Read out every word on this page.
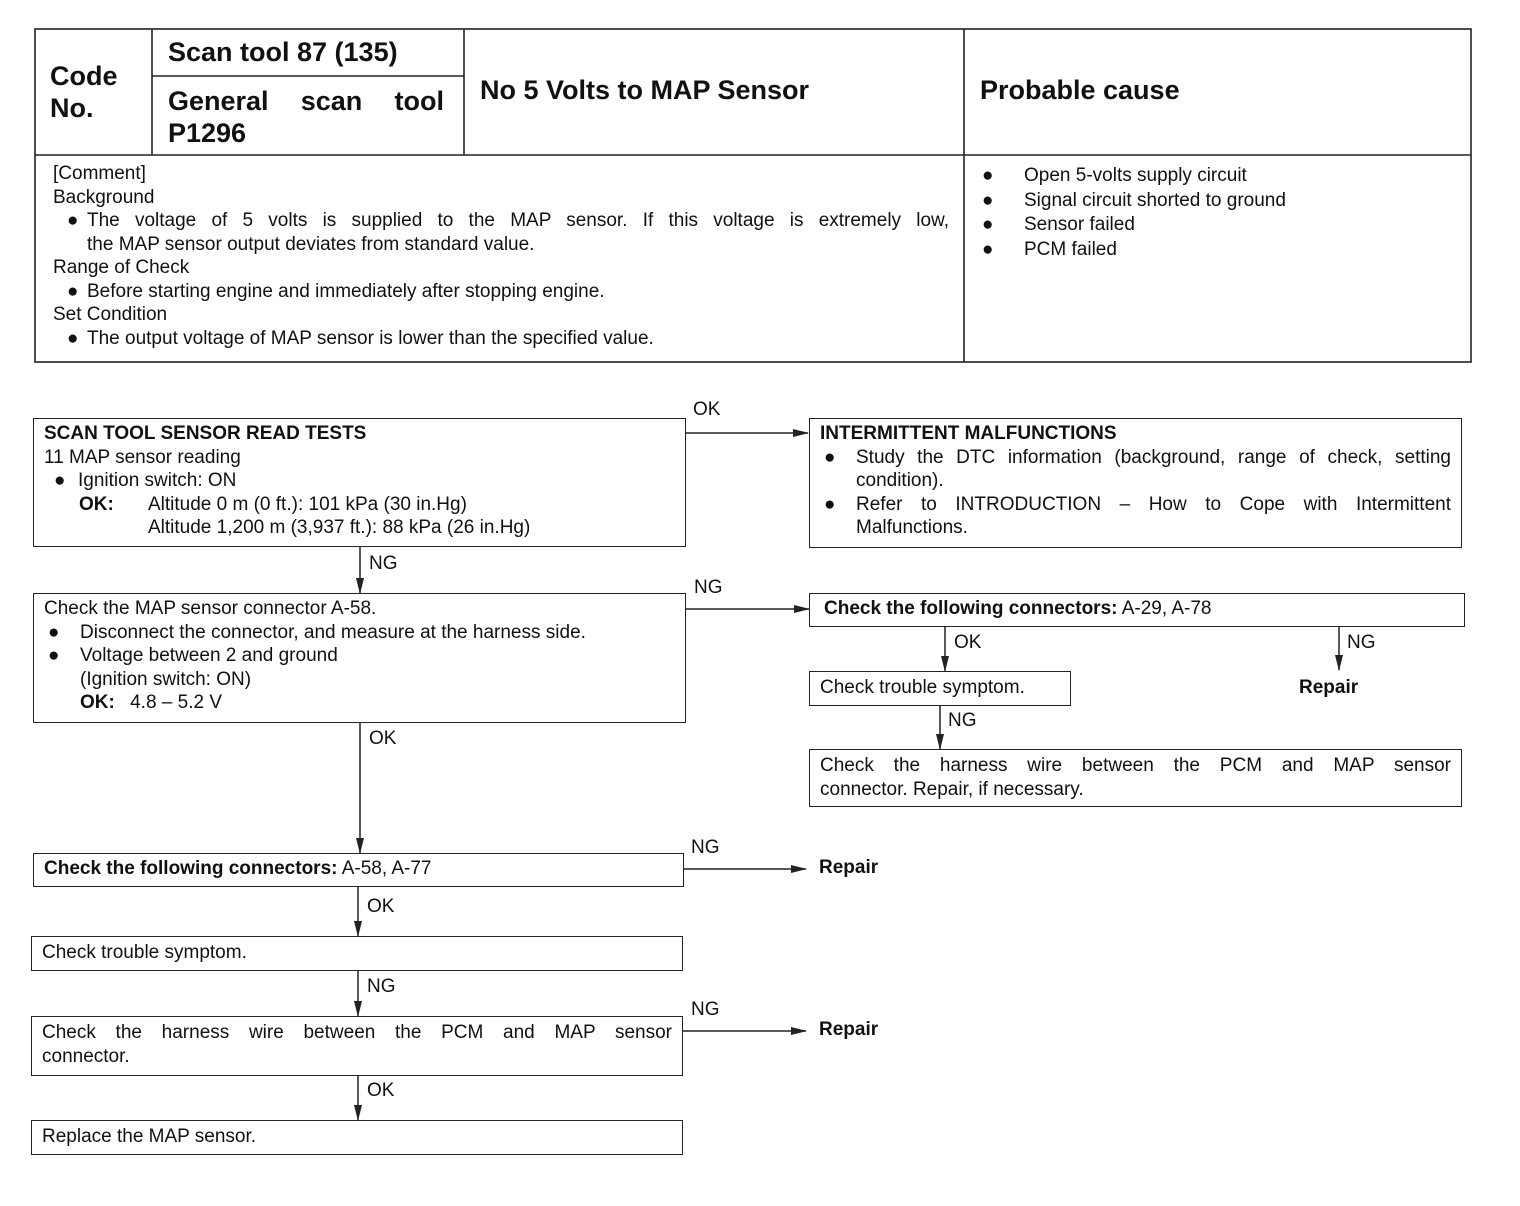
Code No.
Scan tool 87 (135)
General scan tool P1296
No 5 Volts to MAP Sensor	Probable cause
[Comment]
Background
● The voltage of 5 volts is supplied to the MAP sensor. If this voltage is extremely low,
the MAP sensor output deviates from standard value.
Range of Check
● Before starting engine and immediately after stopping engine.
Set Condition
● The output voltage of MAP sensor is lower than the specified value.
●	Open 5-volts supply circuit
●	Signal circuit shorted to ground
●	Sensor failed
●	PCM failed
OK
NG
NG
OK	NG
NG
OK
NG
OK
NG
NG
OK
SCAN TOOL SENSOR READ TESTS
11 MAP sensor reading
● Ignition switch: ON
OK:	Altitude 0 m (0 ft.): 101 kPa (30 in.Hg)
Altitude 1,200 m (3,937 ft.): 88 kPa (26 in.Hg)
INTERMITTENT MALFUNCTIONS
●	Study the DTC information (background, range of check, setting
condition).
●	Refer to INTRODUCTION – How to Cope with Intermittent
Malfunctions.
Check the MAP sensor connector A-58.
●	Disconnect the connector, and measure at the harness side.
●	Voltage between 2 and ground
(Ignition switch: ON)
OK: 4.8 – 5.2 V
Check the following connectors: A-29, A-78
Check trouble symptom.	Repair
Check the harness wire between the PCM and MAP sensor
connector. Repair, if necessary.
Check the following connectors: A-58, A-77	Repair
Check trouble symptom.
Check the harness wire between the PCM and MAP sensor
connector.
Repair
Replace the MAP sensor.
